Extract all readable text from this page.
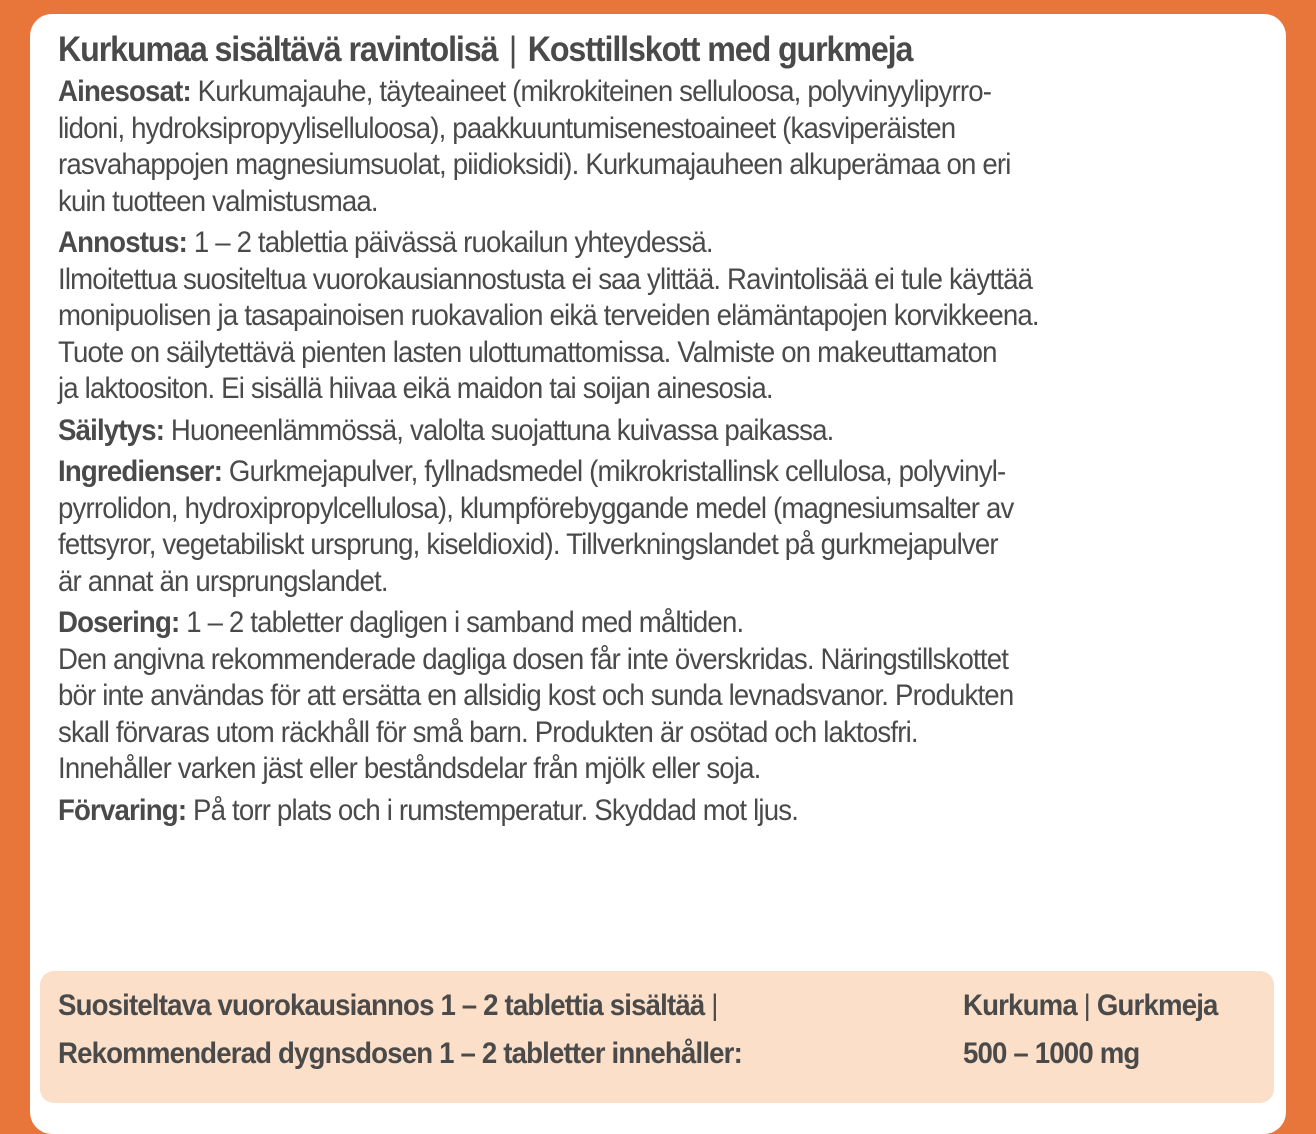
Kurkumaa sisältävä ravintolisä | Kosttillskott med gurkmeja
Ainesosat: Kurkumajauhe, täyteaineet (mikrokiteinen selluloosa, polyvinyylipyrro-
lidoni, hydroksipropyyliselluloosa), paakkuuntumisenestoaineet (kasviperäisten
rasvahappojen magnesiumsuolat, piidioksidi). Kurkumajauheen alkuperämaa on eri
kuin tuotteen valmistusmaa.
Annostus: 1 – 2 tablettia päivässä ruokailun yhteydessä.
Ilmoitettua suositeltua vuorokausiannostusta ei saa ylittää. Ravintolisää ei tule käyttää
monipuolisen ja tasapainoisen ruokavalion eikä terveiden elämäntapojen korvikkeena.
Tuote on säilytettävä pienten lasten ulottumattomissa. Valmiste on makeuttamaton
ja laktoositon. Ei sisällä hiivaa eikä maidon tai soijan ainesosia.
Säilytys: Huoneenlämmössä, valolta suojattuna kuivassa paikassa.
Ingredienser: Gurkmejapulver, fyllnadsmedel (mikrokristallinsk cellulosa, polyvinyl-
pyrrolidon, hydroxipropylcellulosa), klumpförebyggande medel (magnesiumsalter av
fettsyror, vegetabiliskt ursprung, kiseldioxid). Tillverkningslandet på gurkmejapulver
är annat än ursprungslandet.
Dosering: 1 – 2 tabletter dagligen i samband med måltiden.
Den angivna rekommenderade dagliga dosen får inte överskridas. Näringstillskottet
bör inte användas för att ersätta en allsidig kost och sunda levnadsvanor. Produkten
skall förvaras utom räckhåll för små barn. Produkten är osötad och laktosfri.
Innehåller varken jäst eller beståndsdelar från mjölk eller soja.
Förvaring: På torr plats och i rumstemperatur. Skyddad mot ljus.
Suositeltava vuorokausiannos 1 – 2 tablettia sisältää |
Rekommenderad dygnsdosen 1 – 2 tabletter innehåller:
Kurkuma | Gurkmeja
500 – 1000 mg
